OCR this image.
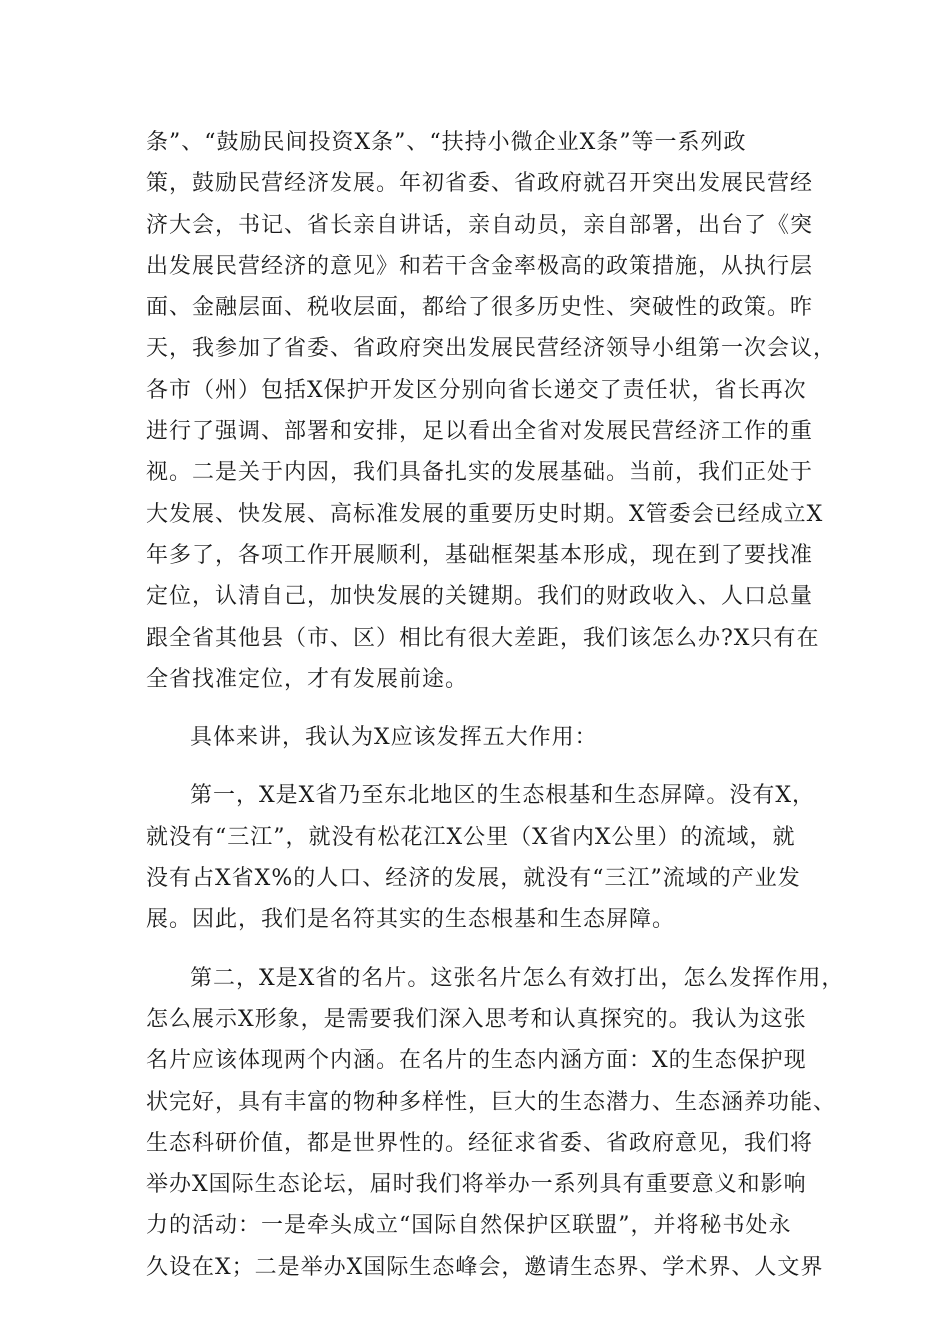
条”、“鼓励民间投资X条”、“扶持小微企业X条”等一系列政
策，鼓励民营经济发展。年初省委、省政府就召开突出发展民营经
济大会，书记、省长亲自讲话，亲自动员，亲自部署，出台了《突
出发展民营经济的意见》和若干含金率极高的政策措施，从执行层
面、金融层面、税收层面，都给了很多历史性、突破性的政策。昨
天，我参加了省委、省政府突出发展民营经济领导小组第一次会议，
各市（州）包括X保护开发区分别向省长递交了责任状，省长再次
进行了强调、部署和安排，足以看出全省对发展民营经济工作的重
视。二是关于内因，我们具备扎实的发展基础。当前，我们正处于
大发展、快发展、高标准发展的重要历史时期。X管委会已经成立X
年多了，各项工作开展顺利，基础框架基本形成，现在到了要找准
定位，认清自己，加快发展的关键期。我们的财政收入、人口总量
跟全省其他县（市、区）相比有很大差距，我们该怎么办?X只有在
全省找准定位，才有发展前途。
具体来讲，我认为X应该发挥五大作用：
第一，X是X省乃至东北地区的生态根基和生态屏障。没有X，
就没有“三江”，就没有松花江X公里（X省内X公里）的流域，就
没有占X省X%的人口、经济的发展，就没有“三江”流域的产业发
展。因此，我们是名符其实的生态根基和生态屏障。
第二，X是X省的名片。这张名片怎么有效打出，怎么发挥作用，
怎么展示X形象，是需要我们深入思考和认真探究的。我认为这张
名片应该体现两个内涵。在名片的生态内涵方面：X的生态保护现
状完好，具有丰富的物种多样性，巨大的生态潜力、生态涵养功能、
生态科研价值，都是世界性的。经征求省委、省政府意见，我们将
举办X国际生态论坛，届时我们将举办一系列具有重要意义和影响
力的活动：一是牵头成立“国际自然保护区联盟”，并将秘书处永
久设在X；二是举办X国际生态峰会，邀请生态界、学术界、人文界
